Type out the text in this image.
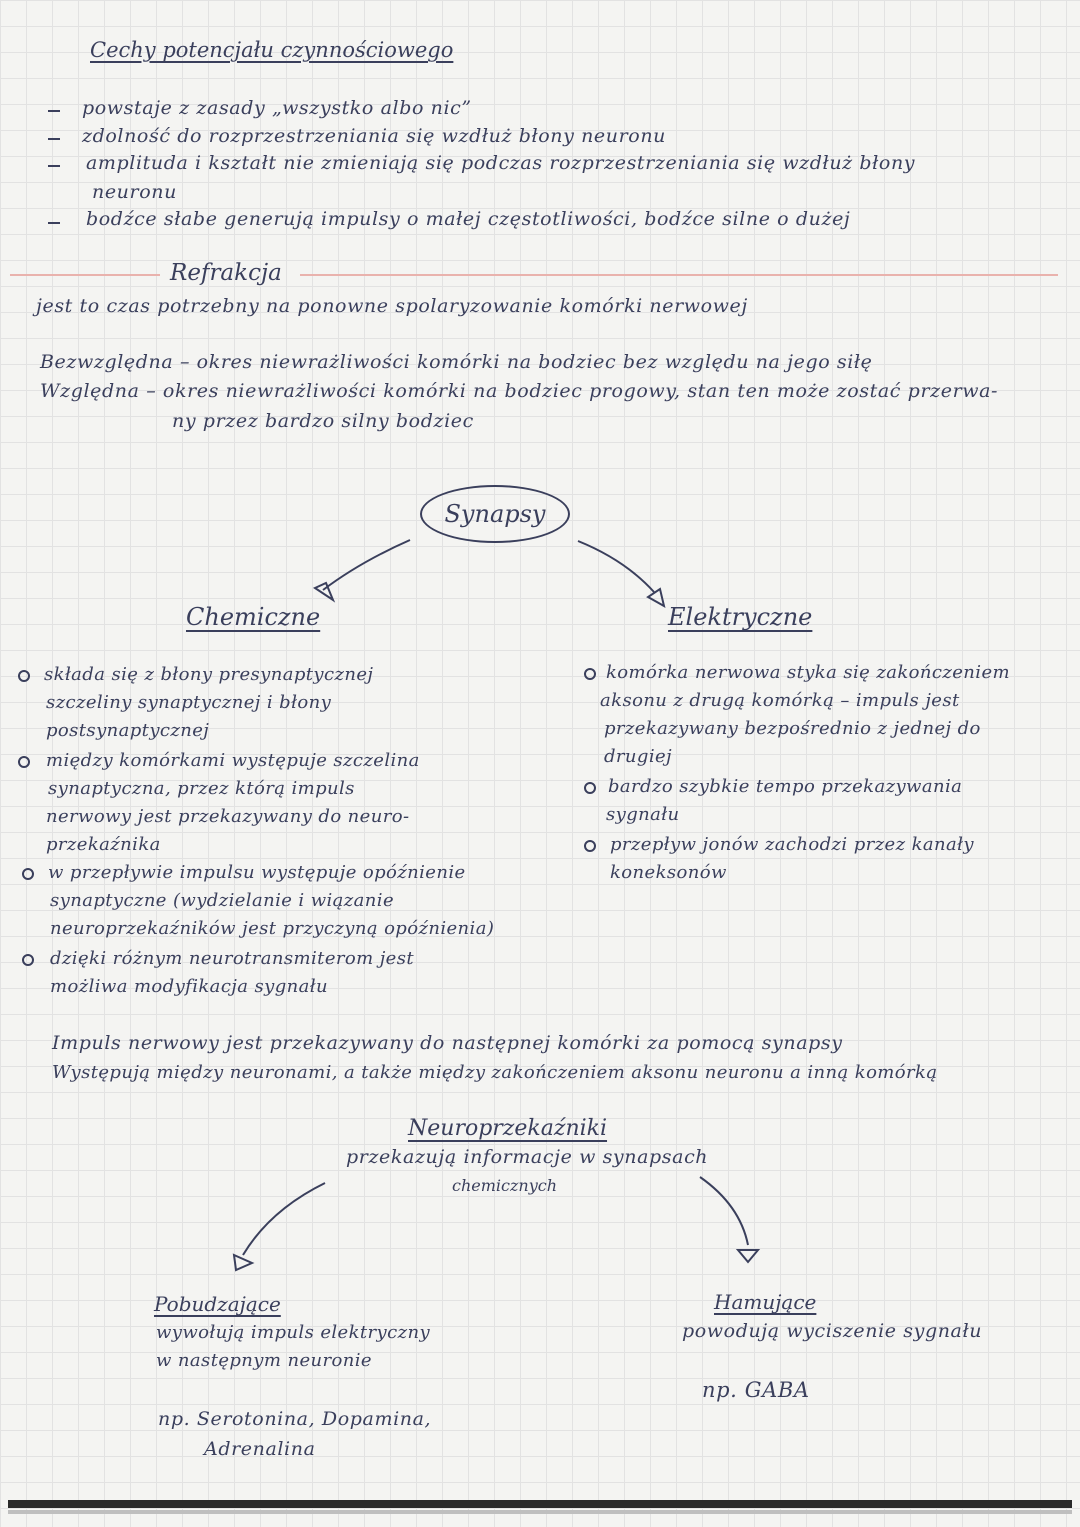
Cechy potencjału czynnościowego
powstaje z zasady „wszystko albo nic”
zdolność do rozprzestrzeniania się wzdłuż błony neuronu
amplituda i kształt nie zmieniają się podczas rozprzestrzeniania się wzdłuż błony
neuronu
bodźce słabe generują impulsy o małej częstotliwości, bodźce silne o dużej
Refrakcja
jest to czas potrzebny na ponowne spolaryzowanie komórki nerwowej
Bezwzględna – okres niewrażliwości komórki na bodziec bez względu na jego siłę
Względna – okres niewrażliwości komórki na bodziec progowy, stan ten może zostać przerwa-
ny przez bardzo silny bodziec
Synapsy
Chemiczne	Elektryczne
składa się z błony presynaptycznej
szczeliny synaptycznej i błony
postsynaptycznej
między komórkami występuje szczelina
synaptyczna, przez którą impuls
nerwowy jest przekazywany do neuro-
przekaźnika
w przepływie impulsu występuje opóźnienie
synaptyczne (wydzielanie i wiązanie
neuroprzekaźników jest przyczyną opóźnienia)
dzięki różnym neurotransmiterom jest
możliwa modyfikacja sygnału
komórka nerwowa styka się zakończeniem
aksonu z drugą komórką – impuls jest
przekazywany bezpośrednio z jednej do
drugiej
bardzo szybkie tempo przekazywania
sygnału
przepływ jonów zachodzi przez kanały
koneksonów
Impuls nerwowy jest przekazywany do następnej komórki za pomocą synapsy
Występują między neuronami, a także między zakończeniem aksonu neuronu a inną komórką
Neuroprzekaźniki
przekazują informacje w synapsach
chemicznych
Pobudzające
wywołują impuls elektryczny
w następnym neuronie
np. Serotonina, Dopamina,
Adrenalina
Hamujące
powodują wyciszenie sygnału
np. GABA
